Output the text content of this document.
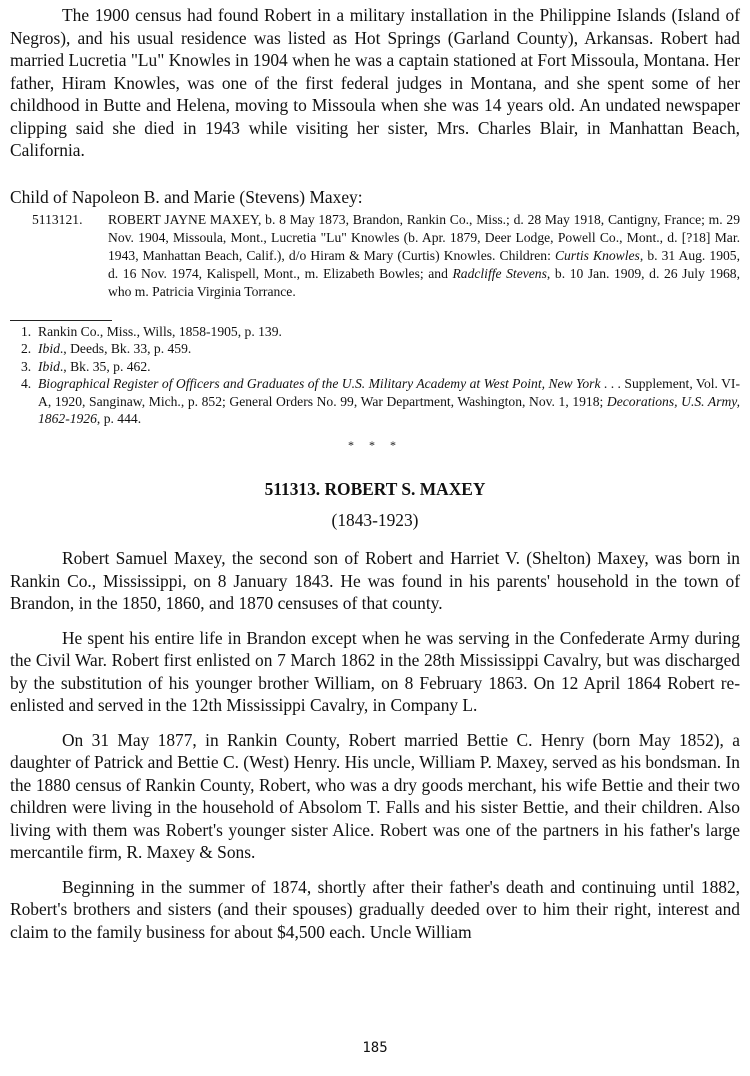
The 1900 census had found Robert in a military installation in the Philippine Islands (Island of Negros), and his usual residence was listed as Hot Springs (Garland County), Arkansas. Robert had married Lucretia "Lu" Knowles in 1904 when he was a captain stationed at Fort Missoula, Montana. Her father, Hiram Knowles, was one of the first federal judges in Montana, and she spent some of her childhood in Butte and Helena, moving to Missoula when she was 14 years old. An undated newspaper clipping said she died in 1943 while visiting her sister, Mrs. Charles Blair, in Manhattan Beach, California.

Child of Napoleon B. and Marie (Stevens) Maxey:

5113121. ROBERT JAYNE MAXEY, b. 8 May 1873, Brandon, Rankin Co., Miss.; d. 28 May 1918, Cantigny, France; m. 29 Nov. 1904, Missoula, Mont., Lucretia "Lu" Knowles (b. Apr. 1879, Deer Lodge, Powell Co., Mont., d. [?18] Mar. 1943, Manhattan Beach, Calif.), d/o Hiram & Mary (Curtis) Knowles. Children: Curtis Knowles, b. 31 Aug. 1905, d. 16 Nov. 1974, Kalispell, Mont., m. Elizabeth Bowles; and Radcliffe Stevens, b. 10 Jan. 1909, d. 26 July 1968, who m. Patricia Virginia Torrance.

1. Rankin Co., Miss., Wills, 1858-1905, p. 139.
2. Ibid., Deeds, Bk. 33, p. 459.
3. Ibid., Bk. 35, p. 462.
4. Biographical Register of Officers and Graduates of the U.S. Military Academy at West Point, New York . . . Supplement, Vol. VI-A, 1920, Sanginaw, Mich., p. 852; General Orders No. 99, War Department, Washington, Nov. 1, 1918; Decorations, U.S. Army, 1862-1926, p. 444.
* * *
511313. ROBERT S. MAXEY
(1843-1923)

Robert Samuel Maxey, the second son of Robert and Harriet V. (Shelton) Maxey, was born in Rankin Co., Mississippi, on 8 January 1843. He was found in his parents' household in the town of Brandon, in the 1850, 1860, and 1870 censuses of that county.

He spent his entire life in Brandon except when he was serving in the Confederate Army during the Civil War. Robert first enlisted on 7 March 1862 in the 28th Mississippi Cavalry, but was discharged by the substitution of his younger brother William, on 8 February 1863. On 12 April 1864 Robert re-enlisted and served in the 12th Mississippi Cavalry, in Company L.

On 31 May 1877, in Rankin County, Robert married Bettie C. Henry (born May 1852), a daughter of Patrick and Bettie C. (West) Henry. His uncle, William P. Maxey, served as his bondsman. In the 1880 census of Rankin County, Robert, who was a dry goods merchant, his wife Bettie and their two children were living in the household of Absolom T. Falls and his sister Bettie, and their children. Also living with them was Robert's younger sister Alice. Robert was one of the partners in his father's large mercantile firm, R. Maxey & Sons.

Beginning in the summer of 1874, shortly after their father's death and continuing until 1882, Robert's brothers and sisters (and their spouses) gradually deeded over to him their right, interest and claim to the family business for about $4,500 each. Uncle William

185
